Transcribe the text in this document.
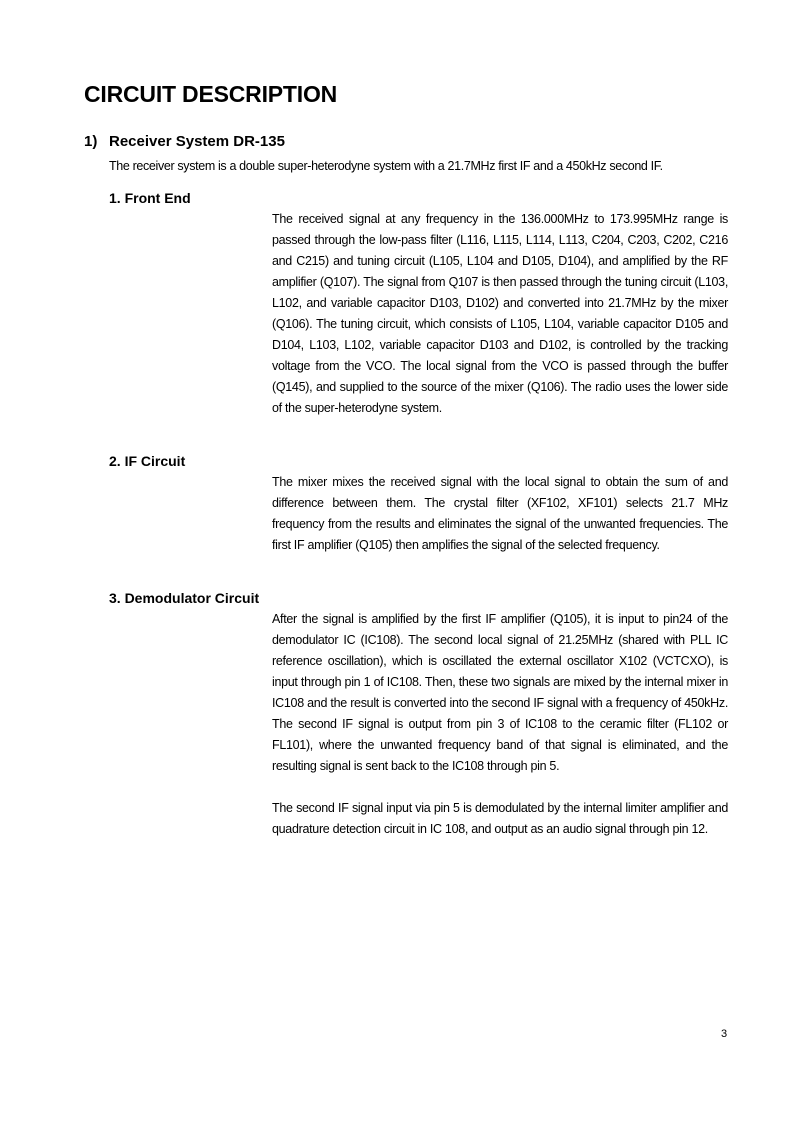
CIRCUIT DESCRIPTION
1) Receiver System DR-135

The receiver system is a double super-heterodyne system with a 21.7MHz first IF and a 450kHz second IF.

1. Front End

The received signal at any frequency in the 136.000MHz to 173.995MHz range is passed through the low-pass filter (L116, L115, L114, L113, C204, C203, C202, C216 and C215) and tuning circuit (L105, L104 and D105, D104), and amplified by the RF amplifier (Q107). The signal from Q107 is then passed through the tuning circuit (L103, L102, and variable capacitor D103, D102) and converted into 21.7MHz by the mixer (Q106). The tuning circuit, which consists of L105, L104, variable capacitor D105 and D104, L103, L102, variable capacitor D103 and D102, is controlled by the tracking voltage from the VCO. The local signal from the VCO is passed through the buffer (Q145), and supplied to the source of the mixer (Q106). The radio uses the lower side of the super-heterodyne system.

2. IF Circuit

The mixer mixes the received signal with the local signal to obtain the sum of and difference between them. The crystal filter (XF102, XF101) selects 21.7 MHz frequency from the results and eliminates the signal of the unwanted frequencies. The first IF amplifier (Q105) then amplifies the signal of the selected frequency.

3. Demodulator Circuit

After the signal is amplified by the first IF amplifier (Q105), it is input to pin24 of the demodulator IC (IC108). The second local signal of 21.25MHz (shared with PLL IC reference oscillation), which is oscillated the external oscillator X102 (VCTCXO), is input through pin 1 of IC108. Then, these two signals are mixed by the internal mixer in IC108 and the result is converted into the second IF signal with a frequency of 450kHz. The second IF signal is output from pin 3 of IC108 to the ceramic filter (FL102 or FL101), where the unwanted frequency band of that signal is eliminated, and the resulting signal is sent back to the IC108 through pin 5.

The second IF signal input via pin 5 is demodulated by the internal limiter amplifier and quadrature detection circuit in IC 108, and output as an audio signal through pin 12.

3
